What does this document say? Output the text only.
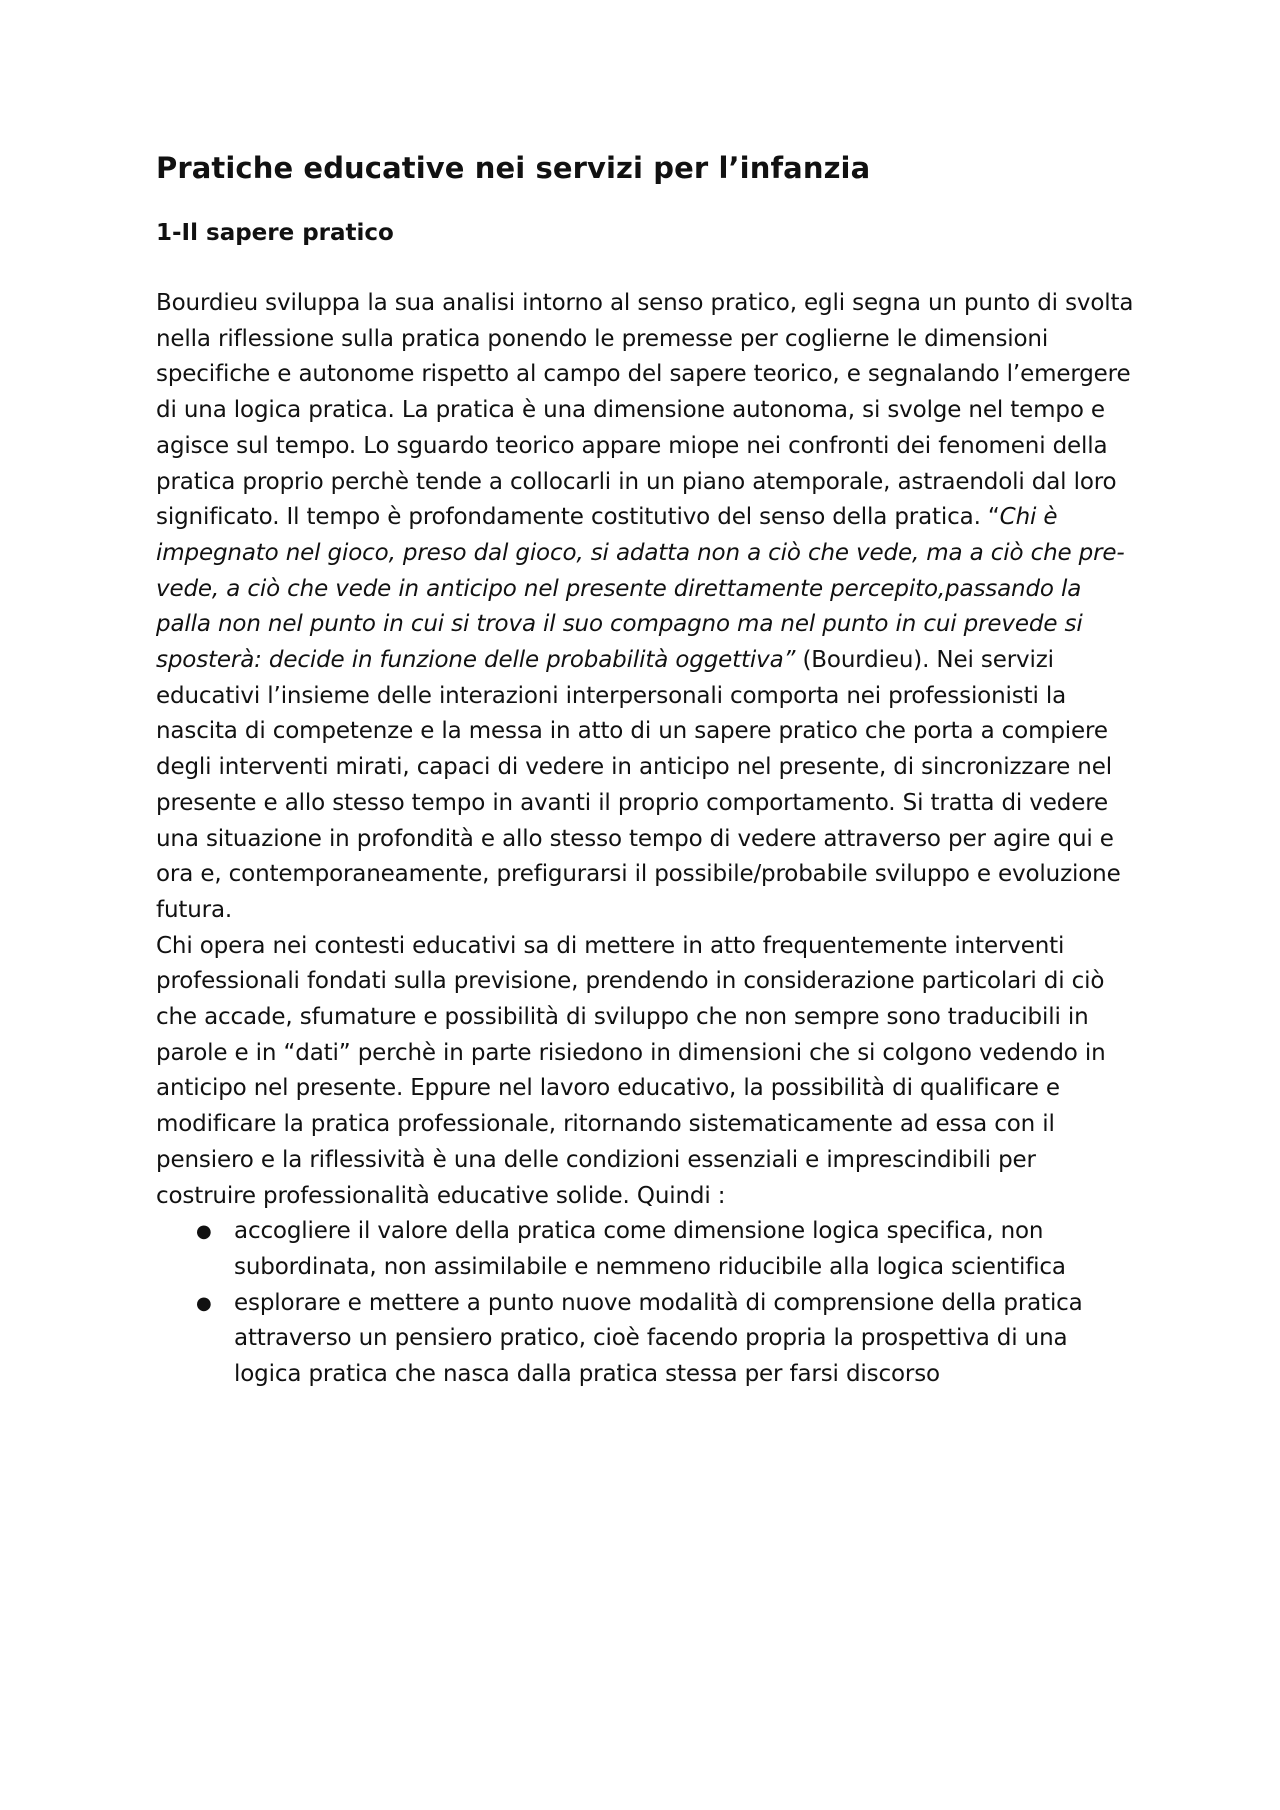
Pratiche educative nei servizi per l’infanzia
1-Il sapere pratico

Bourdieu sviluppa la sua analisi intorno al senso pratico, egli segna un punto di svolta nella riflessione sulla pratica ponendo le premesse per coglierne le dimensioni specifiche e autonome rispetto al campo del sapere teorico, e segnalando l’emergere di una logica pratica. La pratica è una dimensione autonoma, si svolge nel tempo e agisce sul tempo. Lo sguardo teorico appare miope nei confronti dei fenomeni della pratica proprio perchè tende a collocarli in un piano atemporale, astraendoli dal loro significato. Il tempo è profondamente costitutivo del senso della pratica. “Chi è impegnato nel gioco, preso dal gioco, si adatta non a ciò che vede, ma a ciò che pre-vede, a ciò che vede in anticipo nel presente direttamente percepito,passando la palla non nel punto in cui si trova il suo compagno ma nel punto in cui prevede si sposterà: decide in funzione delle probabilità oggettiva” (Bourdieu). Nei servizi educativi l’insieme delle interazioni interpersonali comporta nei professionisti la nascita di competenze e la messa in atto di un sapere pratico che porta a compiere degli interventi mirati, capaci di vedere in anticipo nel presente, di sincronizzare nel presente e allo stesso tempo in avanti il proprio comportamento. Si tratta di vedere una situazione in profondità e allo stesso tempo di vedere attraverso per agire qui e ora e, contemporaneamente, prefigurarsi il possibile/probabile sviluppo e evoluzione futura.

Chi opera nei contesti educativi sa di mettere in atto frequentemente interventi professionali fondati sulla previsione, prendendo in considerazione particolari di ciò che accade, sfumature e possibilità di sviluppo che non sempre sono traducibili in parole e in “dati” perchè in parte risiedono in dimensioni che si colgono vedendo in anticipo nel presente. Eppure nel lavoro educativo, la possibilità di qualificare e modificare la pratica professionale, ritornando sistematicamente ad essa con il pensiero e la riflessività è una delle condizioni essenziali e imprescindibili per costruire professionalità educative solide. Quindi :

● accogliere il valore della pratica come dimensione logica specifica, non subordinata, non assimilabile e nemmeno riducibile alla logica scientifica
● esplorare e mettere a punto nuove modalità di comprensione della pratica attraverso un pensiero pratico, cioè facendo propria la prospettiva di una logica pratica che nasca dalla pratica stessa per farsi discorso
